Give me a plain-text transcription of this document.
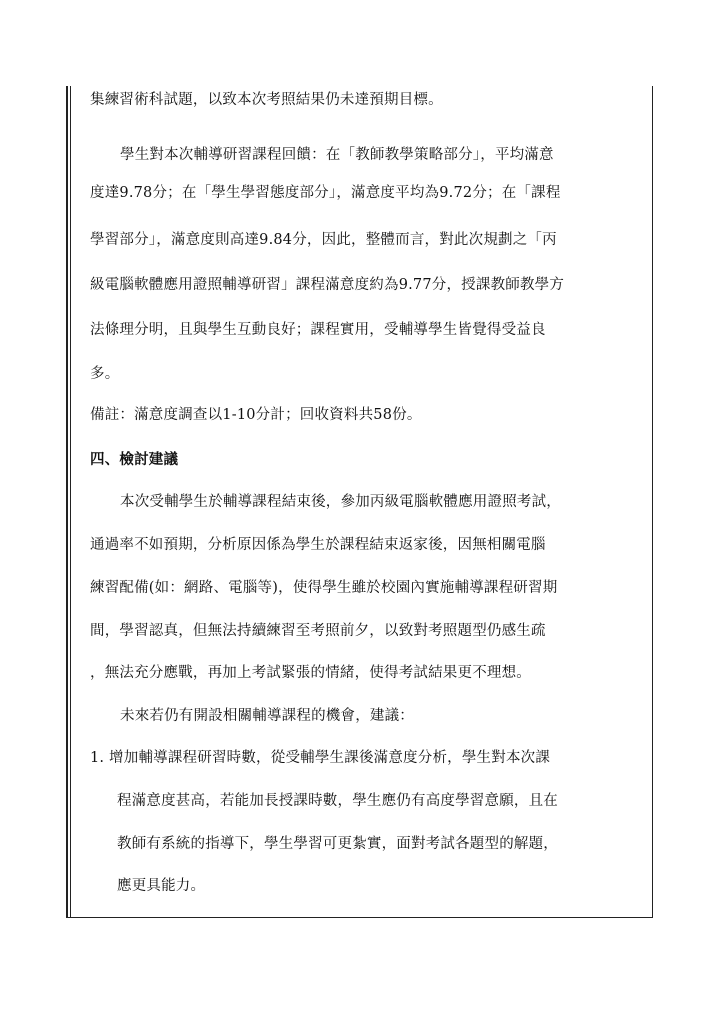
集練習術科試題，以致本次考照結果仍未達預期目標。
學生對本次輔導研習課程回饋：在「教師教學策略部分」，平均滿意
度達9.78分；在「學生學習態度部分」，滿意度平均為9.72分；在「課程
學習部分」，滿意度則高達9.84分，因此，整體而言，對此次規劃之「丙
級電腦軟體應用證照輔導研習」課程滿意度約為9.77分，授課教師教學方
法條理分明，且與學生互動良好；課程實用，受輔導學生皆覺得受益良
多。
備註：滿意度調查以1-10分計；回收資料共58份。
四、檢討建議
本次受輔學生於輔導課程結束後，參加丙級電腦軟體應用證照考試，
通過率不如預期，分析原因係為學生於課程結束返家後，因無相關電腦
練習配備(如：網路、電腦等)，使得學生雖於校園內實施輔導課程研習期
間，學習認真，但無法持續練習至考照前夕，以致對考照題型仍感生疏
，無法充分應戰，再加上考試緊張的情緒，使得考試結果更不理想。
未來若仍有開設相關輔導課程的機會，建議：
1. 增加輔導課程研習時數，從受輔學生課後滿意度分析，學生對本次課
程滿意度甚高，若能加長授課時數，學生應仍有高度學習意願，且在
教師有系統的指導下，學生學習可更紮實，面對考試各題型的解題，
應更具能力。
